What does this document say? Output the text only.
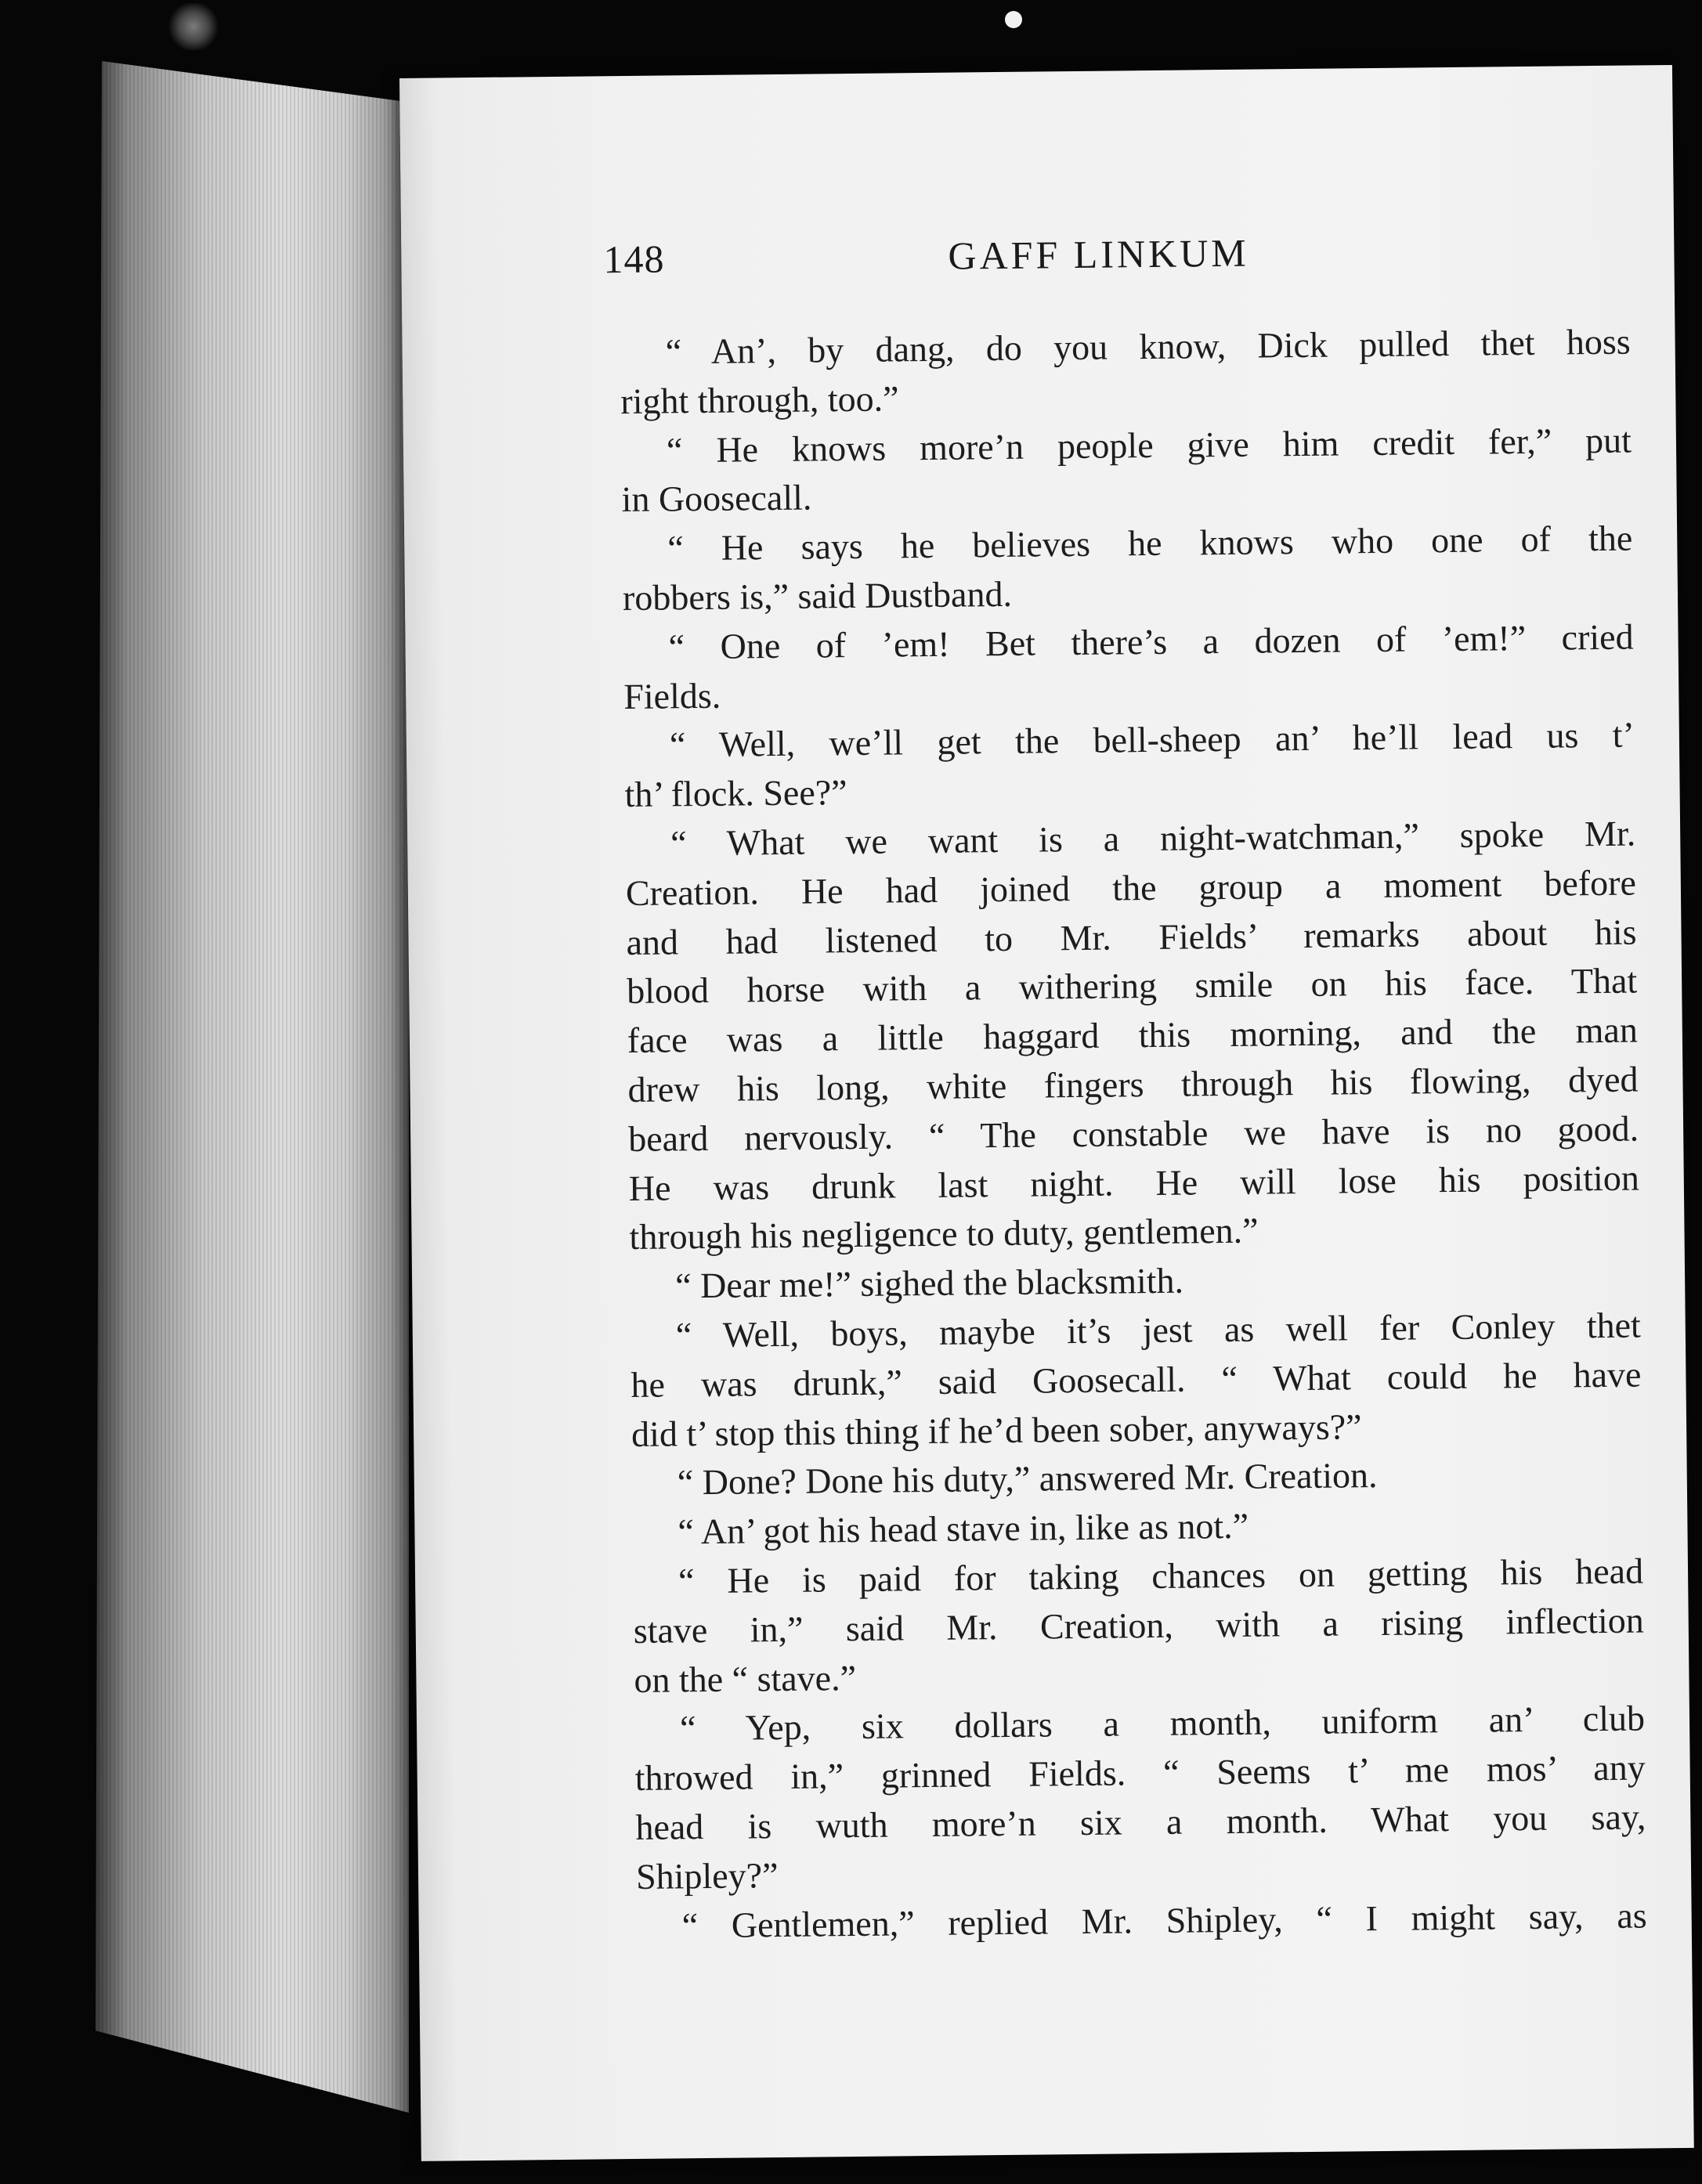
148	GAFF LINKUM
“ An’, by dang, do you know, Dick pulled thet hoss
right through, too.”
“ He knows more’n people give him credit fer,” put
in Goosecall.
“ He says he believes he knows who one of the
robbers is,” said Dustband.
“ One of ’em! Bet there’s a dozen of ’em!” cried
Fields.
“ Well, we’ll get the bell-sheep an’ he’ll lead us t’
th’ flock. See?”
“ What we want is a night-watchman,” spoke Mr.
Creation. He had joined the group a moment before
and had listened to Mr. Fields’ remarks about his
blood horse with a withering smile on his face. That
face was a little haggard this morning, and the man
drew his long, white fingers through his flowing, dyed
beard nervously. “ The constable we have is no good.
He was drunk last night. He will lose his position
through his negligence to duty, gentlemen.”
“ Dear me!” sighed the blacksmith.
“ Well, boys, maybe it’s jest as well fer Conley thet
he was drunk,” said Goosecall. “ What could he have
did t’ stop this thing if he’d been sober, anyways?”
“ Done? Done his duty,” answered Mr. Creation.
“ An’ got his head stave in, like as not.”
“ He is paid for taking chances on getting his head
stave in,” said Mr. Creation, with a rising inflection
on the “ stave.”
“ Yep, six dollars a month, uniform an’ club
throwed in,” grinned Fields. “ Seems t’ me mos’ any
head is wuth more’n six a month. What you say,
Shipley?”
“ Gentlemen,” replied Mr. Shipley, “ I might say, as
